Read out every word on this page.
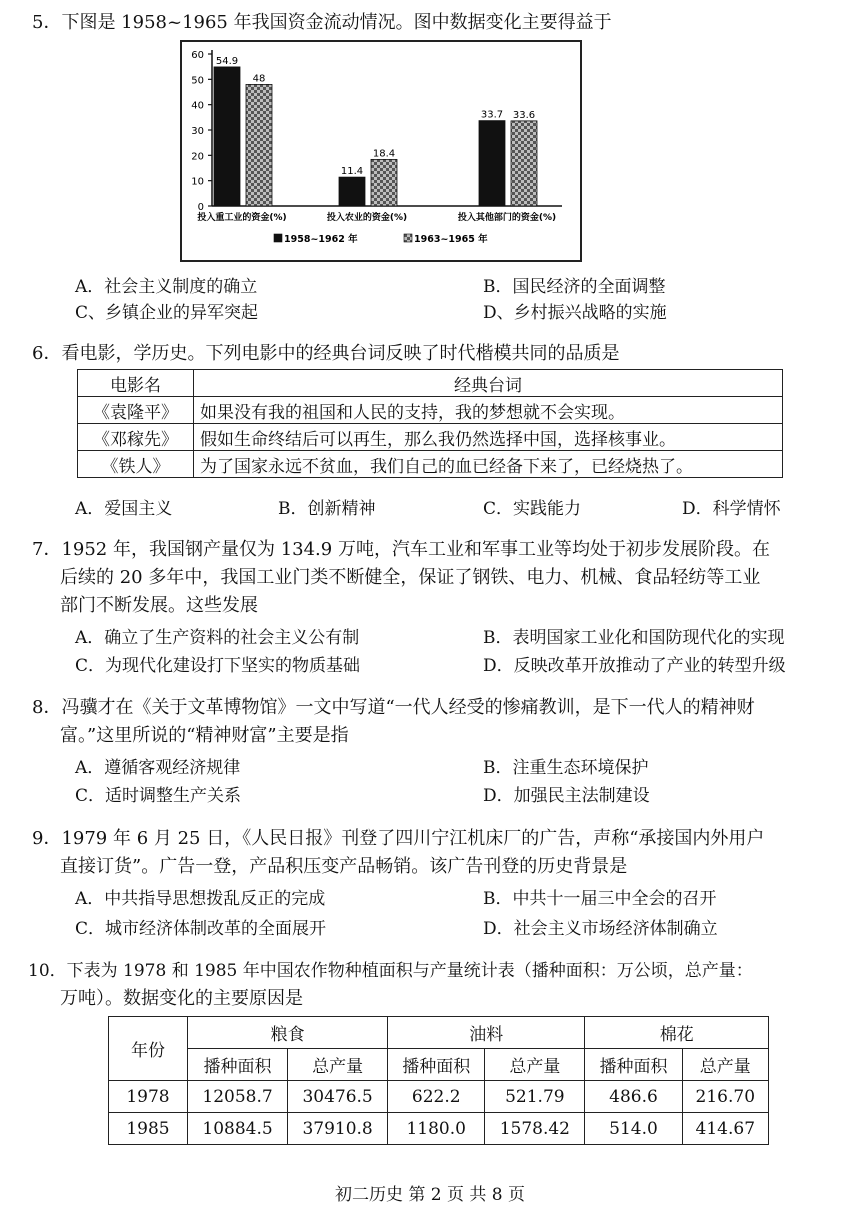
5．下图是 1958~1965 年我国资金流动情况。图中数据变化主要得益于

0
10
20
30
40
50
60
54.9
48
投入重工业的资金(%)
11.4
18.4
投入农业的资金(%)
33.7 33.6
投入其他部门的资金(%)
1958~1962 年	1963~1965 年
A．社会主义制度的确立	B．国民经济的全面调整
C、乡镇企业的异军突起	D、乡村振兴战略的实施

6．看电影，学历史。下列电影中的经典台词反映了时代楷模共同的品质是

电影名	经典台词
《袁隆平》	如果没有我的祖国和人民的支持，我的梦想就不会实现。
《邓稼先》	假如生命终结后可以再生，那么我仍然选择中国，选择核事业。
《铁人》	为了国家永远不贫血，我们自己的血已经备下来了，已经烧热了。
A．爱国主义	B．创新精神	C．实践能力	D．科学情怀

7．1952 年，我国钢产量仅为 134.9 万吨，汽车工业和军事工业等均处于初步发展阶段。在

后续的 20 多年中，我国工业门类不断健全，保证了钢铁、电力、机械、食品轻纺等工业

部门不断发展。这些发展

A．确立了生产资料的社会主义公有制	B．表明国家工业化和国防现代化的实现
C．为现代化建设打下坚实的物质基础	D．反映改革开放推动了产业的转型升级

8．冯骥才在《关于文革博物馆》一文中写道“一代人经受的惨痛教训，是下一代人的精神财

富。”这里所说的“精神财富”主要是指

A．遵循客观经济规律	B．注重生态环境保护
C．适时调整生产关系	D．加强民主法制建设

9．1979 年 6 月 25 日，《人民日报》刊登了四川宁江机床厂的广告，声称“承接国内外用户

直接订货”。广告一登，产品积压变产品畅销。该广告刊登的历史背景是

A．中共指导思想拨乱反正的完成	B．中共十一届三中全会的召开
C．城市经济体制改革的全面展开	D．社会主义市场经济体制确立

10．下表为 1978 和 1985 年中国农作物种植面积与产量统计表（播种面积：万公顷，总产量：

万吨）。数据变化的主要原因是

年份	粮食		油料		棉花	
	播种面积	总产量	播种面积	总产量	播种面积	总产量
1978	12058.7	30476.5	622.2	521.79	486.6	216.70
1985	10884.5	37910.8	1180.0	1578.42	514.0	414.67
初二历史 第 2 页 共 8 页
